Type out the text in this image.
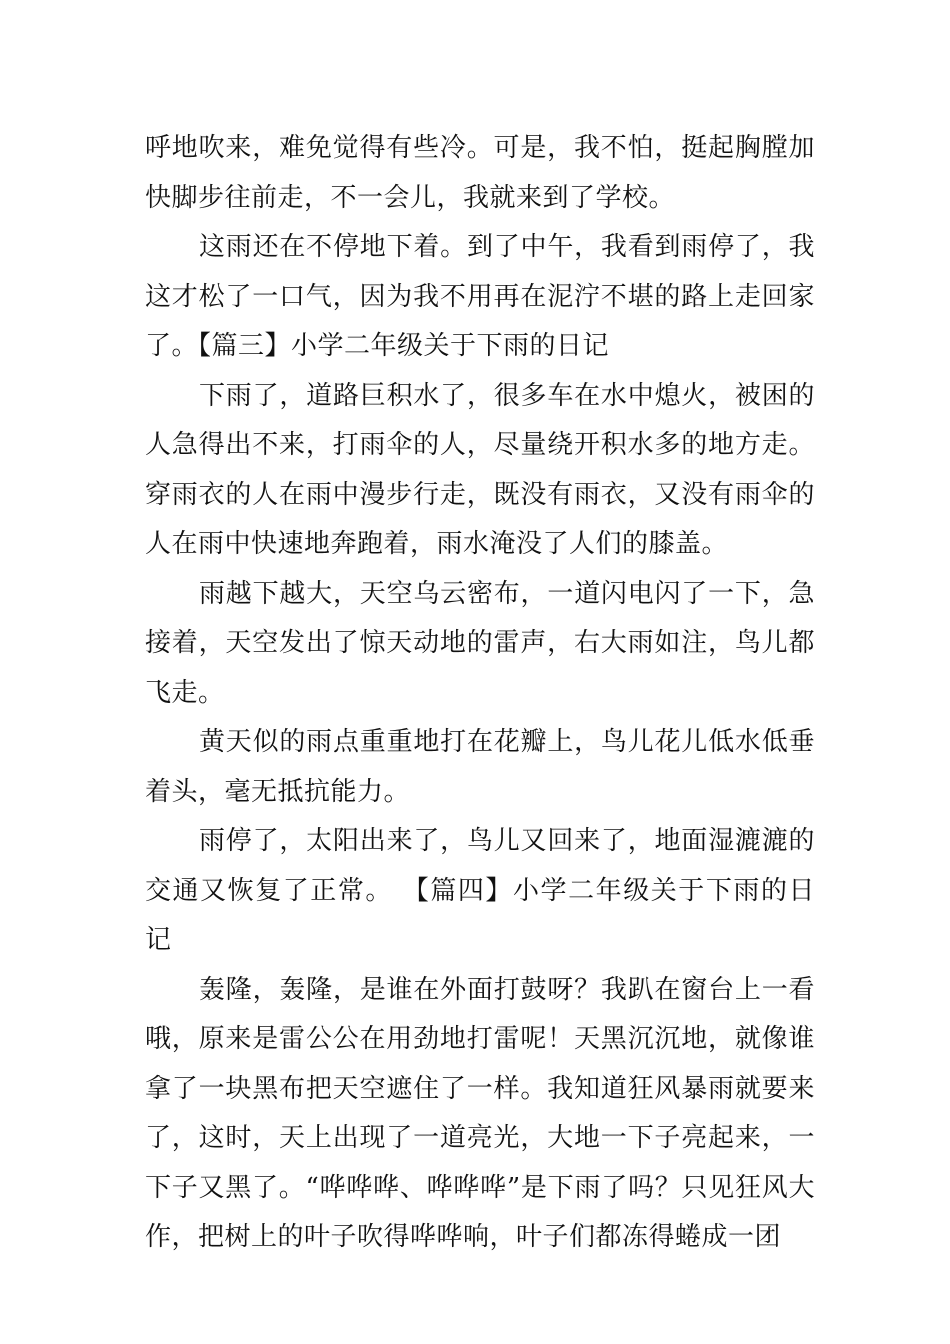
呼地吹来，难免觉得有些冷。可是，我不怕，挺起胸膛加快脚步往前走，不一会儿，我就来到了学校。

这雨还在不停地下着。到了中午，我看到雨停了，我这才松了一口气，因为我不用再在泥泞不堪的路上走回家了。【篇三】小学二年级关于下雨的日记

下雨了，道路巨积水了，很多车在水中熄火，被困的人急得出不来，打雨伞的人，尽量绕开积水多的地方走。穿雨衣的人在雨中漫步行走，既没有雨衣，又没有雨伞的人在雨中快速地奔跑着，雨水淹没了人们的膝盖。

雨越下越大，天空乌云密布，一道闪电闪了一下，急接着，天空发出了惊天动地的雷声，右大雨如注，鸟儿都飞走。

黄天似的雨点重重地打在花瓣上，鸟儿花儿低水低垂着头，毫无抵抗能力。

雨停了，太阳出来了，鸟儿又回来了，地面湿漉漉的交通又恢复了正常。 【篇四】小学二年级关于下雨的日记

轰隆，轰隆，是谁在外面打鼓呀？我趴在窗台上一看哦，原来是雷公公在用劲地打雷呢！天黑沉沉地，就像谁拿了一块黑布把天空遮住了一样。我知道狂风暴雨就要来了，这时，天上出现了一道亮光，大地一下子亮起来，一下子又黑了。“哗哗哗、哗哗哗”是下雨了吗？只见狂风大作，把树上的叶子吹得哗哗响，叶子们都冻得蜷成一团
